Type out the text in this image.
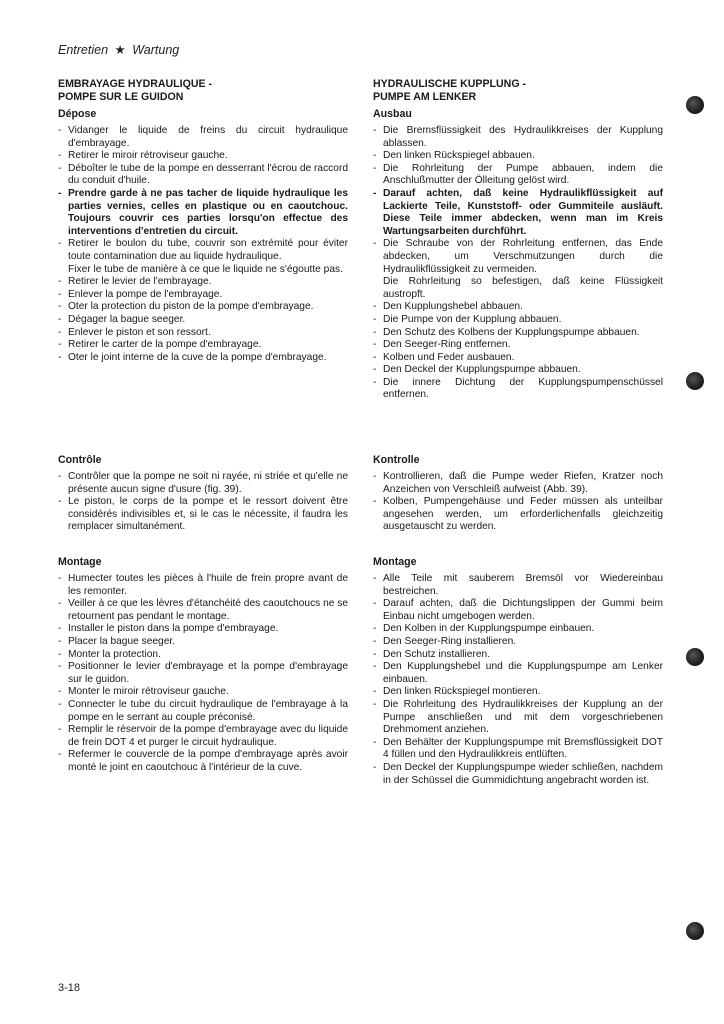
Entretien ★ Wartung
EMBRAYAGE HYDRAULIQUE -
POMPE SUR LE GUIDON
Dépose
- Vidanger le liquide de freins du circuit hydraulique d'embrayage.
- Retirer le miroir rétroviseur gauche.
- Déboîter le tube de la pompe en desserrant l'écrou de raccord du conduit d'huile.
- Prendre garde à ne pas tacher de liquide hydraulique les parties vernies, celles en plastique ou en caoutchouc. Toujours couvrir ces parties lorsqu'on effectue des interventions d'entretien du circuit.
- Retirer le boulon du tube, couvrir son extrémité pour éviter toute contamination due au liquide hydraulique.
Fixer le tube de manière à ce que le liquide ne s'égoutte pas.
- Retirer le levier de l'embrayage.
- Enlever la pompe de l'embrayage.
- Oter la protection du piston de la pompe d'embrayage.
- Dégager la bague seeger.
- Enlever le piston et son ressort.
- Retirer le carter de la pompe d'embrayage.
- Oter le joint interne de la cuve de la pompe d'embrayage.
Contrôle
- Contrôler que la pompe ne soit ni rayée, ni striée et qu'elle ne présente aucun signe d'usure (fig. 39).
- Le piston, le corps de la pompe et le ressort doivent être considérés indivisibles et, si le cas le nécessite, il faudra les remplacer simultanément.
Montage
- Humecter toutes les pièces à l'huile de frein propre avant de les remonter.
- Veiller à ce que les lèvres d'étanchéité des caoutchoucs ne se retournent pas pendant le montage.
- Installer le piston dans la pompe d'embrayage.
- Placer la bague seeger.
- Monter la protection.
- Positionner le levier d'embrayage et la pompe d'embrayage sur le guidon.
- Monter le miroir rétroviseur gauche.
- Connecter le tube du circuit hydraulique de l'embrayage à la pompe en le serrant au couple préconisé.
- Remplir le réservoir de la pompe d'embrayage avec du liquide de frein DOT 4 et purger le circuit hydraulique.
- Refermer le couvercle de la pompe d'embrayage après avoir monté le joint en caoutchouc à l'intérieur de la cuve.
HYDRAULISCHE KUPPLUNG -
PUMPE AM LENKER
Ausbau
- Die Bremsflüssigkeit des Hydraulikkreises der Kupplung ablassen.
- Den linken Rückspiegel abbauen.
- Die Rohrleitung der Pumpe abbauen, indem die Anschlußmutter der Ölleitung gelöst wird.
- Darauf achten, daß keine Hydraulikflüssigkeit auf Lackierte Teile, Kunststoff- oder Gummiteile ausläuft. Diese Teile immer abdecken, wenn man im Kreis Wartungsarbeiten durchführt.
- Die Schraube von der Rohrleitung entfernen, das Ende abdecken, um Verschmutzungen durch die Hydraulikflüssigkeit zu vermeiden.
Die Rohrleitung so befestigen, daß keine Flüssigkeit austropft.
- Den Kupplungshebel abbauen.
- Die Pumpe von der Kupplung abbauen.
- Den Schutz des Kolbens der Kupplungspumpe abbauen.
- Den Seeger-Ring entfernen.
- Kolben und Feder ausbauen.
- Den Deckel der Kupplungspumpe abbauen.
- Die innere Dichtung der Kupplungspumpenschüssel entfernen.
Kontrolle
- Kontrollieren, daß die Pumpe weder Riefen, Kratzer noch Anzeichen von Verschleiß aufweist (Abb. 39).
- Kolben, Pumpengehäuse und Feder müssen als unteilbar angesehen werden, um erforderlichenfalls gleichzeitig ausgetauscht zu werden.
Montage
- Alle Teile mit sauberem Bremsöl vor Wiedereinbau bestreichen.
- Darauf achten, daß die Dichtungslippen der Gummi beim Einbau nicht umgebogen werden.
- Den Kolben in der Kupplungspumpe einbauen.
- Den Seeger-Ring installieren.
- Den Schutz installieren.
- Den Kupplungshebel und die Kupplungspumpe am Lenker einbauen.
- Den linken Rückspiegel montieren.
- Die Rohrleitung des Hydraulikkreises der Kupplung an der Pumpe anschließen und mit dem vorgeschriebenen Drehmoment anziehen.
- Den Behälter der Kupplungspumpe mit Bremsflüssigkeit DOT 4 füllen und den Hydraulikkreis entlüften.
- Den Deckel der Kupplungspumpe wieder schließen, nachdem in der Schüssel die Gummidichtung angebracht worden ist.
3-18
